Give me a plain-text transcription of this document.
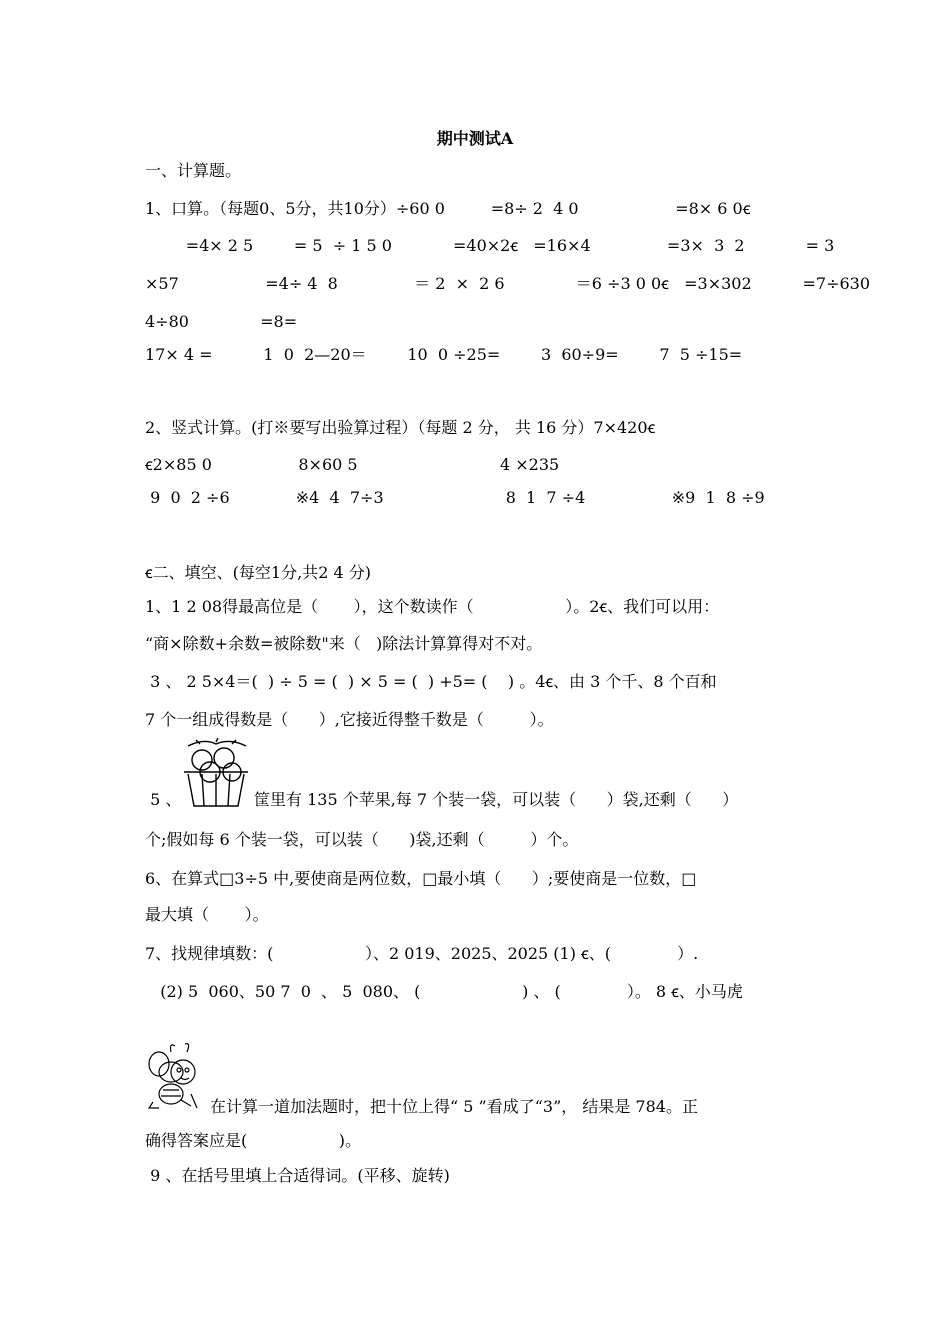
期中测试A
一、计算题。
1、口算。（每题0、5分，共10分）÷60 0         =8÷ 2  4 0                   =8× 6 0ꞓ
=4× 2 5        = 5  ÷ 1 5 0            =40×2ꞓ   =16×4               =3×  3  2            = 3
×57                 =4÷ 4  8               ＝ 2  ×  2 6              ＝6 ÷3 0 0ꞓ   =3×302          =7÷630
4÷80              =8=
17× 4 =          1  0  2—20＝        10  0 ÷25=        3  60÷9=        7  5 ÷15=
2、竖式计算。(打※要写出验算过程）（每题 2 分， 共 16 分）7×420ꞓ
ꞓ2×85 0                 8×60 5                            4 ×235
9  0  2 ÷6             ※4  4  7÷3                        8  1  7 ÷4                 ※9  1  8 ÷9
ꞓ二、填空、(每空1分,共2 4 分)
1、1 2 08得最高位是（       ），这个数读作（                  ）。2ꞓ、我们可以用：
“商×除数+余数=被除数"来（   )除法计算算得对不对。
3 、 2 5×4＝(  ) ÷ 5 = (  ) × 5 = (  ) +5= (    ) 。4ꞓ、由 3 个千、8 个百和
7 个一组成得数是（      ）,它接近得整千数是（         ）。
5 、	筐里有 135 个苹果,每 7 个装一袋，可以装（      ）袋,还剩（      ）
个;假如每 6 个装一袋，可以装（      )袋,还剩（         ）个。
6、在算式□3÷5 中,要使商是两位数，□最小填（      ）;要使商是一位数，□
最大填（       ）。
7、找规律填数：(                  ）、2 019、2025、2025 (1) ꞓ、(             ）.
(2) 5  060、50 7  0  、 5  080、 (                    ) 、 (             ）。 8 ꞓ、小马虎
在计算一道加法题时，把十位上得“ 5 ”看成了“3”， 结果是 784。正
确得答案应是(                  )。
9 、在括号里填上合适得词。(平移、旋转)
